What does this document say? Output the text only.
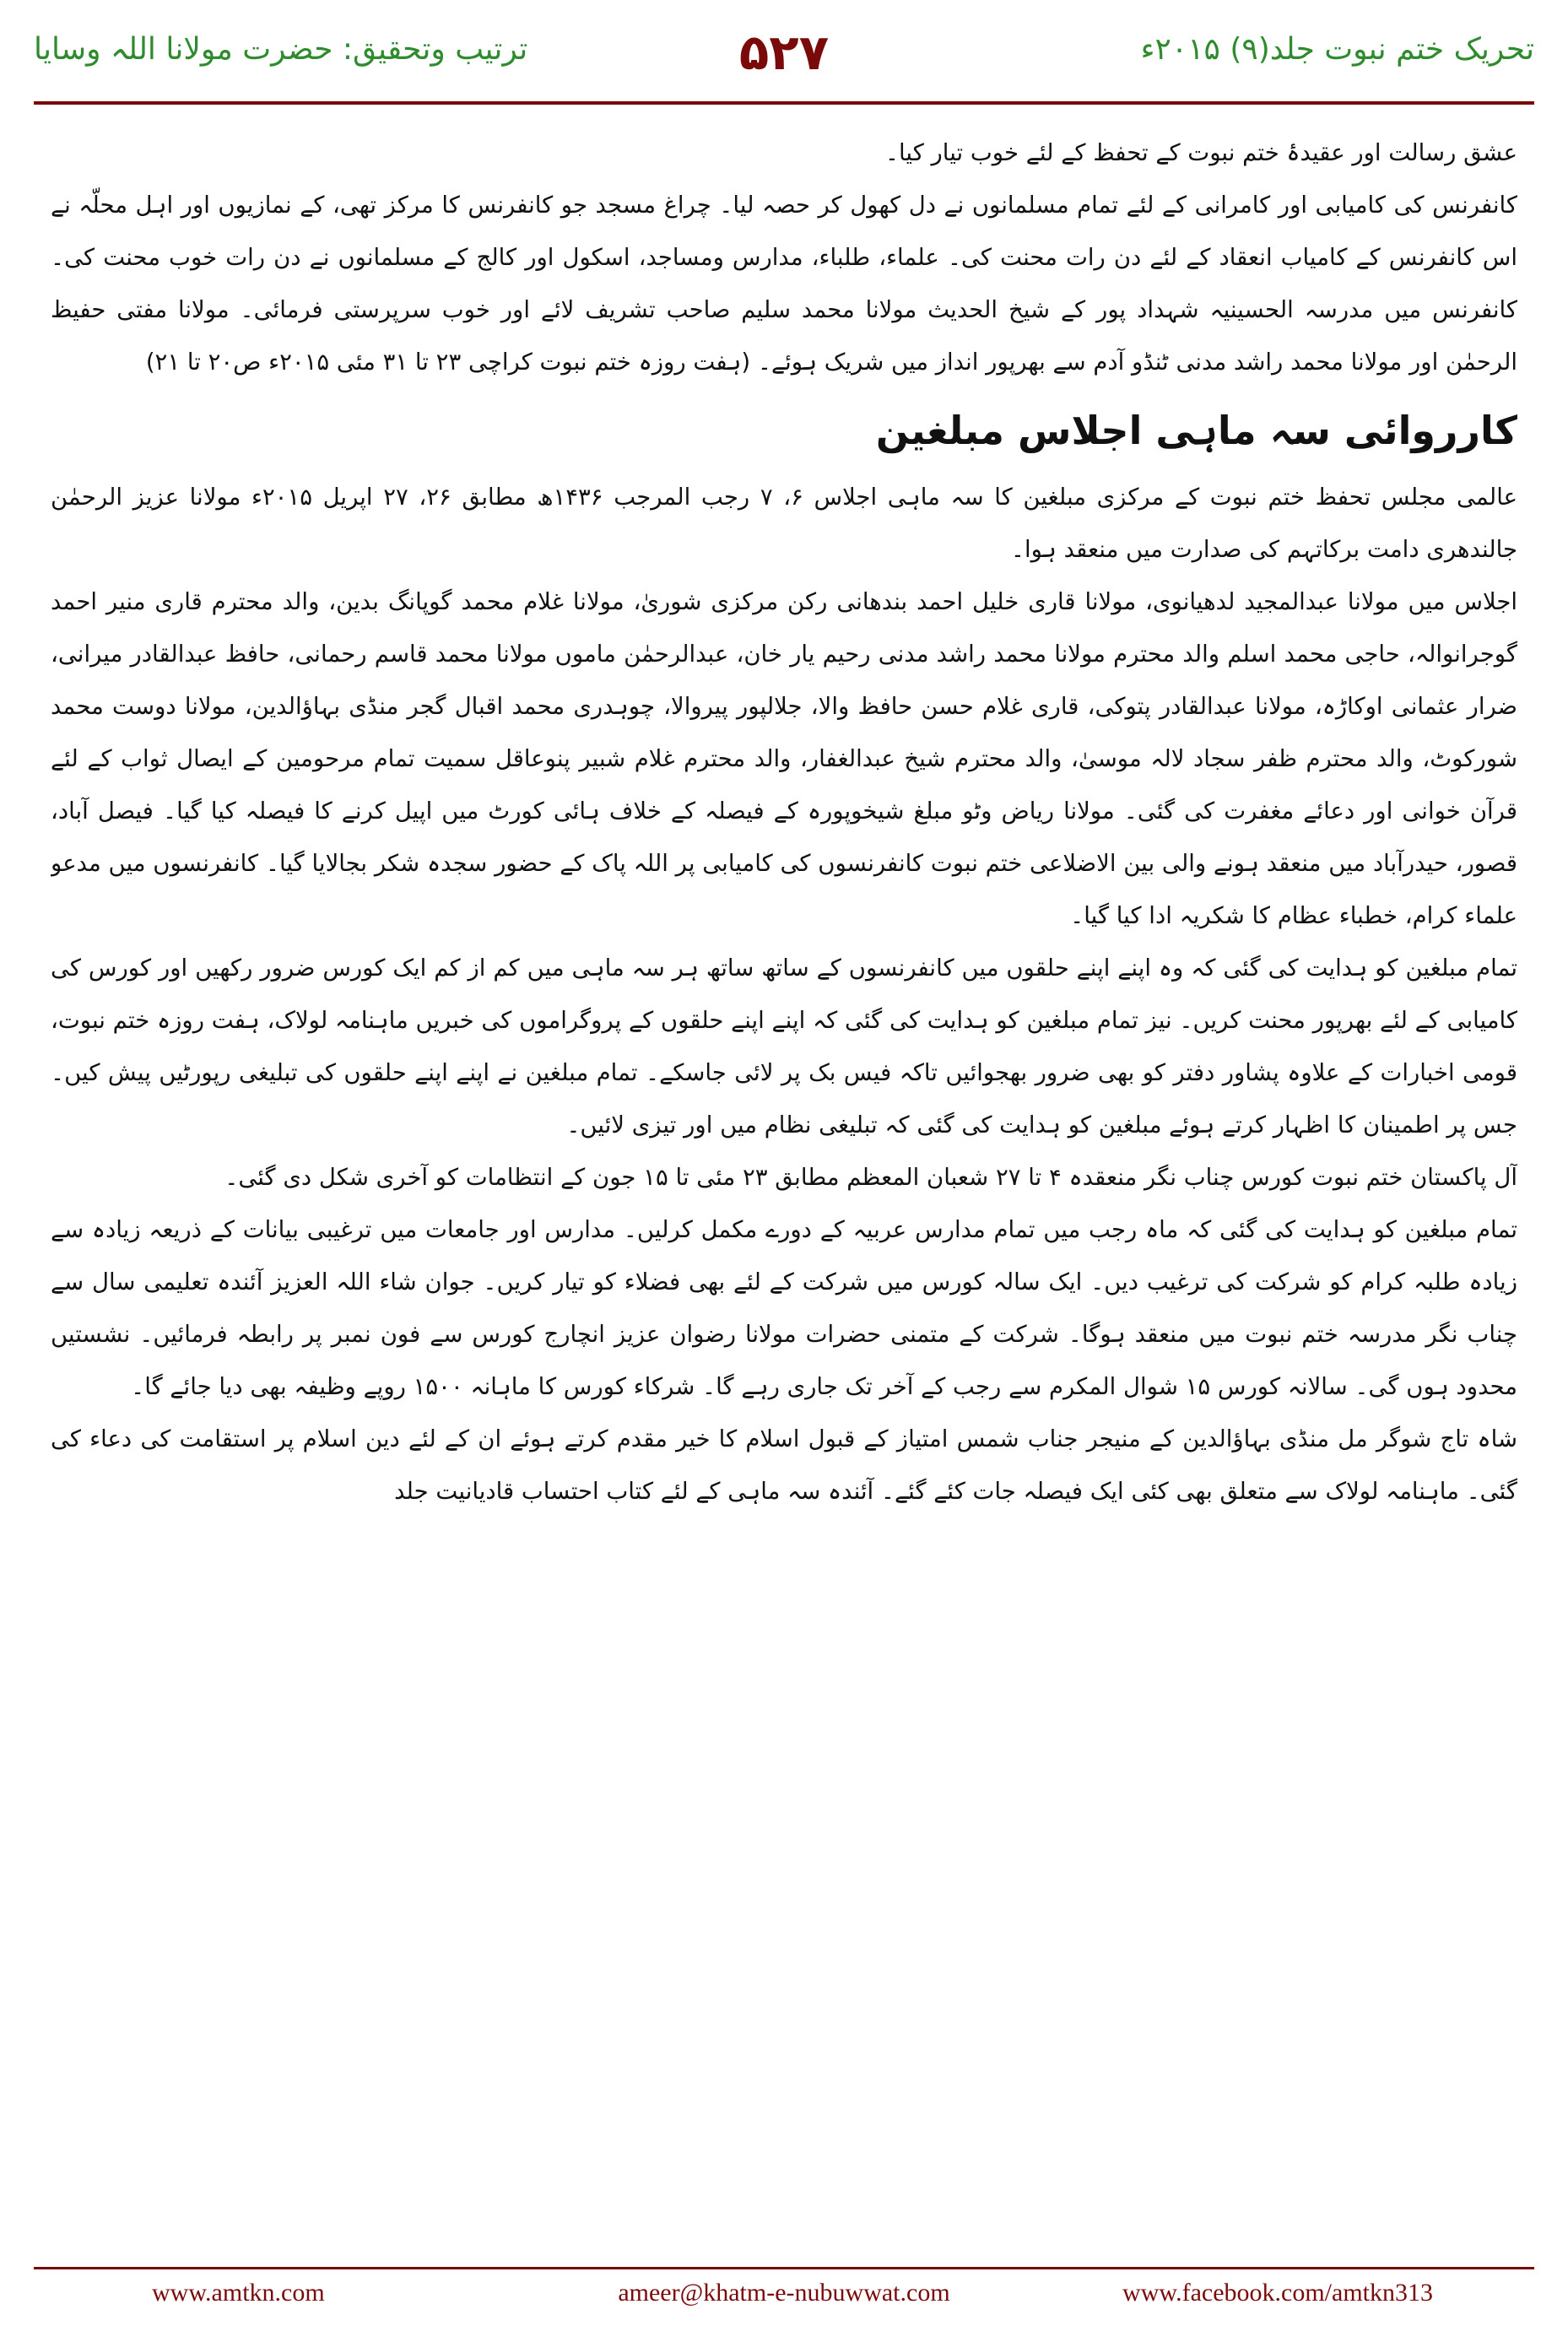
ترتیب وتحقیق: حضرت مولانا اللہ وسایا	۵۲۷	تحریک ختم نبوت جلد(۹) ۲۰۱۵ء

عشق رسالت اور عقیدۂ ختم نبوت کے تحفظ کے لئے خوب تیار کیا۔

کانفرنس کی کامیابی اور کامرانی کے لئے تمام مسلمانوں نے دل کھول کر حصہ لیا۔ چراغ مسجد جو کانفرنس کا مرکز تھی، کے نمازیوں اور اہل محلّہ نے اس کانفرنس کے کامیاب انعقاد کے لئے دن رات محنت کی۔ علماء، طلباء، مدارس ومساجد، اسکول اور کالج کے مسلمانوں نے دن رات خوب محنت کی۔ کانفرنس میں مدرسہ الحسینیہ شہداد پور کے شیخ الحدیث مولانا محمد سلیم صاحب تشریف لائے اور خوب سرپرستی فرمائی۔ مولانا مفتی حفیظ الرحمٰن اور مولانا محمد راشد مدنی ٹنڈو آدم سے بھرپور انداز میں شریک ہوئے۔ (ہفت روزہ ختم نبوت کراچی ۲۳ تا ۳۱ مئی ۲۰۱۵ء ص۲۰ تا ۲۱)

کارروائی سہ ماہی اجلاس مبلغین

عالمی مجلس تحفظ ختم نبوت کے مرکزی مبلغین کا سہ ماہی اجلاس ۶، ۷ رجب المرجب ۱۴۳۶ھ مطابق ۲۶، ۲۷ اپریل ۲۰۱۵ء مولانا عزیز الرحمٰن جالندھری دامت برکاتہم کی صدارت میں منعقد ہوا۔

اجلاس میں مولانا عبدالمجید لدھیانوی، مولانا قاری خلیل احمد بندھانی رکن مرکزی شوریٰ، مولانا غلام محمد گوپانگ بدین، والد محترم قاری منیر احمد گوجرانوالہ، حاجی محمد اسلم والد محترم مولانا محمد راشد مدنی رحیم یار خان، عبدالرحمٰن ماموں مولانا محمد قاسم رحمانی، حافظ عبدالقادر میرانی، ضرار عثمانی اوکاڑہ، مولانا عبدالقادر پتوکی، قاری غلام حسن حافظ والا، جلالپور پیروالا، چوہدری محمد اقبال گجر منڈی بہاؤالدین، مولانا دوست محمد شورکوٹ، والد محترم ظفر سجاد لالہ موسیٰ، والد محترم شیخ عبدالغفار، والد محترم غلام شبیر پنوعاقل سمیت تمام مرحومین کے ایصال ثواب کے لئے قرآن خوانی اور دعائے مغفرت کی گئی۔ مولانا ریاض وٹو مبلغ شیخوپورہ کے فیصلہ کے خلاف ہائی کورٹ میں اپیل کرنے کا فیصلہ کیا گیا۔ فیصل آباد، قصور، حیدرآباد میں منعقد ہونے والی بین الاضلاعی ختم نبوت کانفرنسوں کی کامیابی پر اللہ پاک کے حضور سجدہ شکر بجالایا گیا۔ کانفرنسوں میں مدعو علماء کرام، خطباء عظام کا شکریہ ادا کیا گیا۔

تمام مبلغین کو ہدایت کی گئی کہ وہ اپنے اپنے حلقوں میں کانفرنسوں کے ساتھ ساتھ ہر سہ ماہی میں کم از کم ایک کورس ضرور رکھیں اور کورس کی کامیابی کے لئے بھرپور محنت کریں۔ نیز تمام مبلغین کو ہدایت کی گئی کہ اپنے اپنے حلقوں کے پروگراموں کی خبریں ماہنامہ لولاک، ہفت روزہ ختم نبوت، قومی اخبارات کے علاوہ پشاور دفتر کو بھی ضرور بھجوائیں تاکہ فیس بک پر لائی جاسکے۔ تمام مبلغین نے اپنے اپنے حلقوں کی تبلیغی رپورٹیں پیش کیں۔ جس پر اطمینان کا اظہار کرتے ہوئے مبلغین کو ہدایت کی گئی کہ تبلیغی نظام میں اور تیزی لائیں۔

آل پاکستان ختم نبوت کورس چناب نگر منعقدہ ۴ تا ۲۷ شعبان المعظم مطابق ۲۳ مئی تا ۱۵ جون کے انتظامات کو آخری شکل دی گئی۔

تمام مبلغین کو ہدایت کی گئی کہ ماہ رجب میں تمام مدارس عربیہ کے دورے مکمل کرلیں۔ مدارس اور جامعات میں ترغیبی بیانات کے ذریعہ زیادہ سے زیادہ طلبہ کرام کو شرکت کی ترغیب دیں۔ ایک سالہ کورس میں شرکت کے لئے بھی فضلاء کو تیار کریں۔ جوان شاء اللہ العزیز آئندہ تعلیمی سال سے چناب نگر مدرسہ ختم نبوت میں منعقد ہوگا۔ شرکت کے متمنی حضرات مولانا رضوان عزیز انچارج کورس سے فون نمبر پر رابطہ فرمائیں۔ نشستیں محدود ہوں گی۔ سالانہ کورس ۱۵ شوال المکرم سے رجب کے آخر تک جاری رہے گا۔ شرکاء کورس کا ماہانہ ۱۵۰۰ روپے وظیفہ بھی دیا جائے گا۔

شاہ تاج شوگر مل منڈی بہاؤالدین کے منیجر جناب شمس امتیاز کے قبول اسلام کا خیر مقدم کرتے ہوئے ان کے لئے دین اسلام پر استقامت کی دعاء کی گئی۔ ماہنامہ لولاک سے متعلق بھی کئی ایک فیصلہ جات کئے گئے۔ آئندہ سہ ماہی کے لئے کتاب احتساب قادیانیت جلد

www.amtkn.com	ameer@khatm-e-nubuwwat.com	www.facebook.com/amtkn313
